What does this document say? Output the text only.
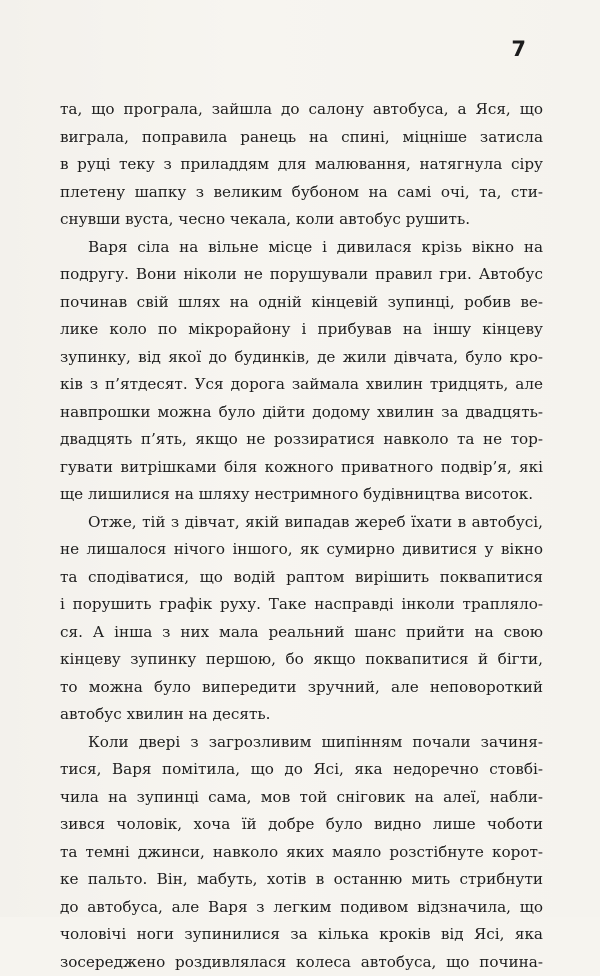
7

та, що програла, зайшла до салону автобуса, а Яся, що
виграла, поправила ранець на спині, міцніше затисла
в руці теку з приладдям для малювання, натягнула сіру
плетену шапку з великим бубоном на самі очі, та, сти-
снувши вуста, чесно чекала, коли автобус рушить.
Варя сіла на вільне місце і дивилася крізь вікно на
подругу. Вони ніколи не порушували правил гри. Автобус
починав свій шлях на одній кінцевій зупинці, робив ве-
лике коло по мікрорайону і прибував на іншу кінцеву
зупинку, від якої до будинків, де жили дівчата, було кро-
ків з п’ятдесят. Уся дорога займала хвилин тридцять, але
навпрошки можна було дійти додому хвилин за двадцять-
двадцять п’ять, якщо не роззиратися навколо та не тор-
гувати витрішками біля кожного приватного подвір’я, які
ще лишилися на шляху нестримного будівництва висоток.
Отже, тій з дівчат, якій випадав жереб їхати в автобусі,
не лишалося нічого іншого, як сумирно дивитися у вікно
та сподіватися, що водій раптом вирішить поквапитися
і порушить графік руху. Таке насправді інколи трапляло-
ся. А інша з них мала реальний шанс прийти на свою
кінцеву зупинку першою, бо якщо поквапитися й бігти,
то можна було випередити зручний, але неповороткий
автобус хвилин на десять.
Коли двері з загрозливим шипінням почали зачиня-
тися, Варя помітила, що до Ясі, яка недоречно стовбі-
чила на зупинці сама, мов той сніговик на алеї, набли-
зився чоловік, хоча їй добре було видно лише чоботи
та темні джинси, навколо яких маяло розстібнуте корот-
ке пальто. Він, мабуть, хотів в останню мить стрибнути
до автобуса, але Варя з легким подивом відзначила, що
чоловічі ноги зупинилися за кілька кроків від Ясі, яка
зосереджено роздивлялася колеса автобуса, що почина-
